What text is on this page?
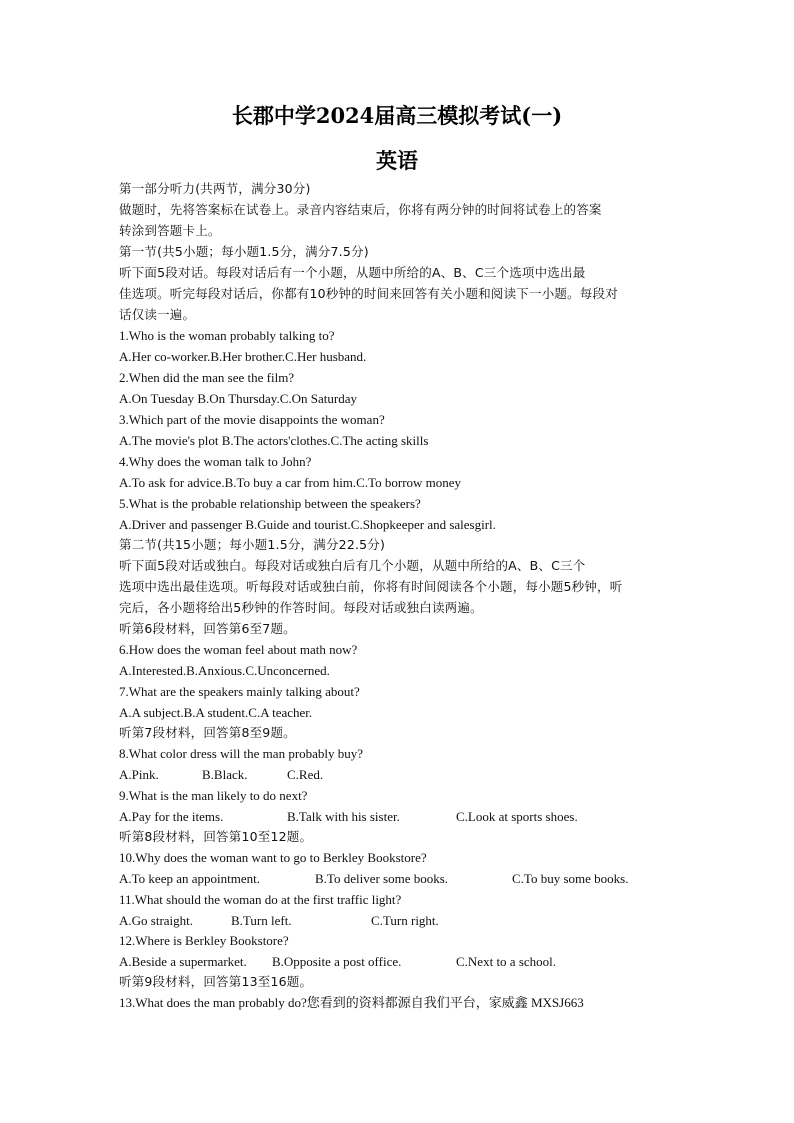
长郡中学2024届高三模拟考试(一)
英语
第一部分听力(共两节，满分30分)
做题时，先将答案标在试卷上。录音内容结束后，你将有两分钟的时间将试卷上的答案
转涂到答题卡上。
第一节(共5小题；每小题1.5分，满分7.5分)
听下面5段对话。每段对话后有一个小题，从题中所给的A、B、C三个选项中选出最
佳选项。听完每段对话后，你都有10秒钟的时间来回答有关小题和阅读下一小题。每段对
话仅读一遍。
1.Who is the woman probably talking to?
A.Her co-worker.B.Her brother.C.Her husband.
2.When did the man see the film?
A.On Tuesday B.On Thursday.C.On Saturday
3.Which part of the movie disappoints the woman?
A.The movie's plot B.The actors'clothes.C.The acting skills
4.Why does the woman talk to John?
A.To ask for advice.B.To buy a car from him.C.To borrow money
5.What is the probable relationship between the speakers?
A.Driver and passenger B.Guide and tourist.C.Shopkeeper and salesgirl.
第二节(共15小题；每小题1.5分，满分22.5分)
听下面5段对话或独白。每段对话或独白后有几个小题，从题中所给的A、B、C三个
选项中选出最佳选项。听每段对话或独白前，你将有时间阅读各个小题，每小题5秒钟，听
完后，各小题将给出5秒钟的作答时间。每段对话或独白读两遍。
听第6段材料，回答第6至7题。
6.How does the woman feel about math now?
A.Interested.B.Anxious.C.Unconcerned.
7.What are the speakers mainly talking about?
A.A subject.B.A student.C.A teacher.
听第7段材料，回答第8至9题。
8.What color dress will the man probably buy?
A.Pink.	B.Black.	C.Red.
9.What is the man likely to do next?
A.Pay for the items.	B.Talk with his sister.	C.Look at sports shoes.
听第8段材料，回答第10至12题。
10.Why does the woman want to go to Berkley Bookstore?
A.To keep an appointment.	B.To deliver some books.	C.To buy some books.
11.What should the woman do at the first traffic light?
A.Go straight.	B.Turn left.	C.Turn right.
12.Where is Berkley Bookstore?
A.Beside a supermarket. B.Opposite a post office.	C.Next to a school.
听第9段材料，回答第13至16题。
13.What does the man probably do?您看到的资料都源自我们平台，家威鑫 MXSJ663
